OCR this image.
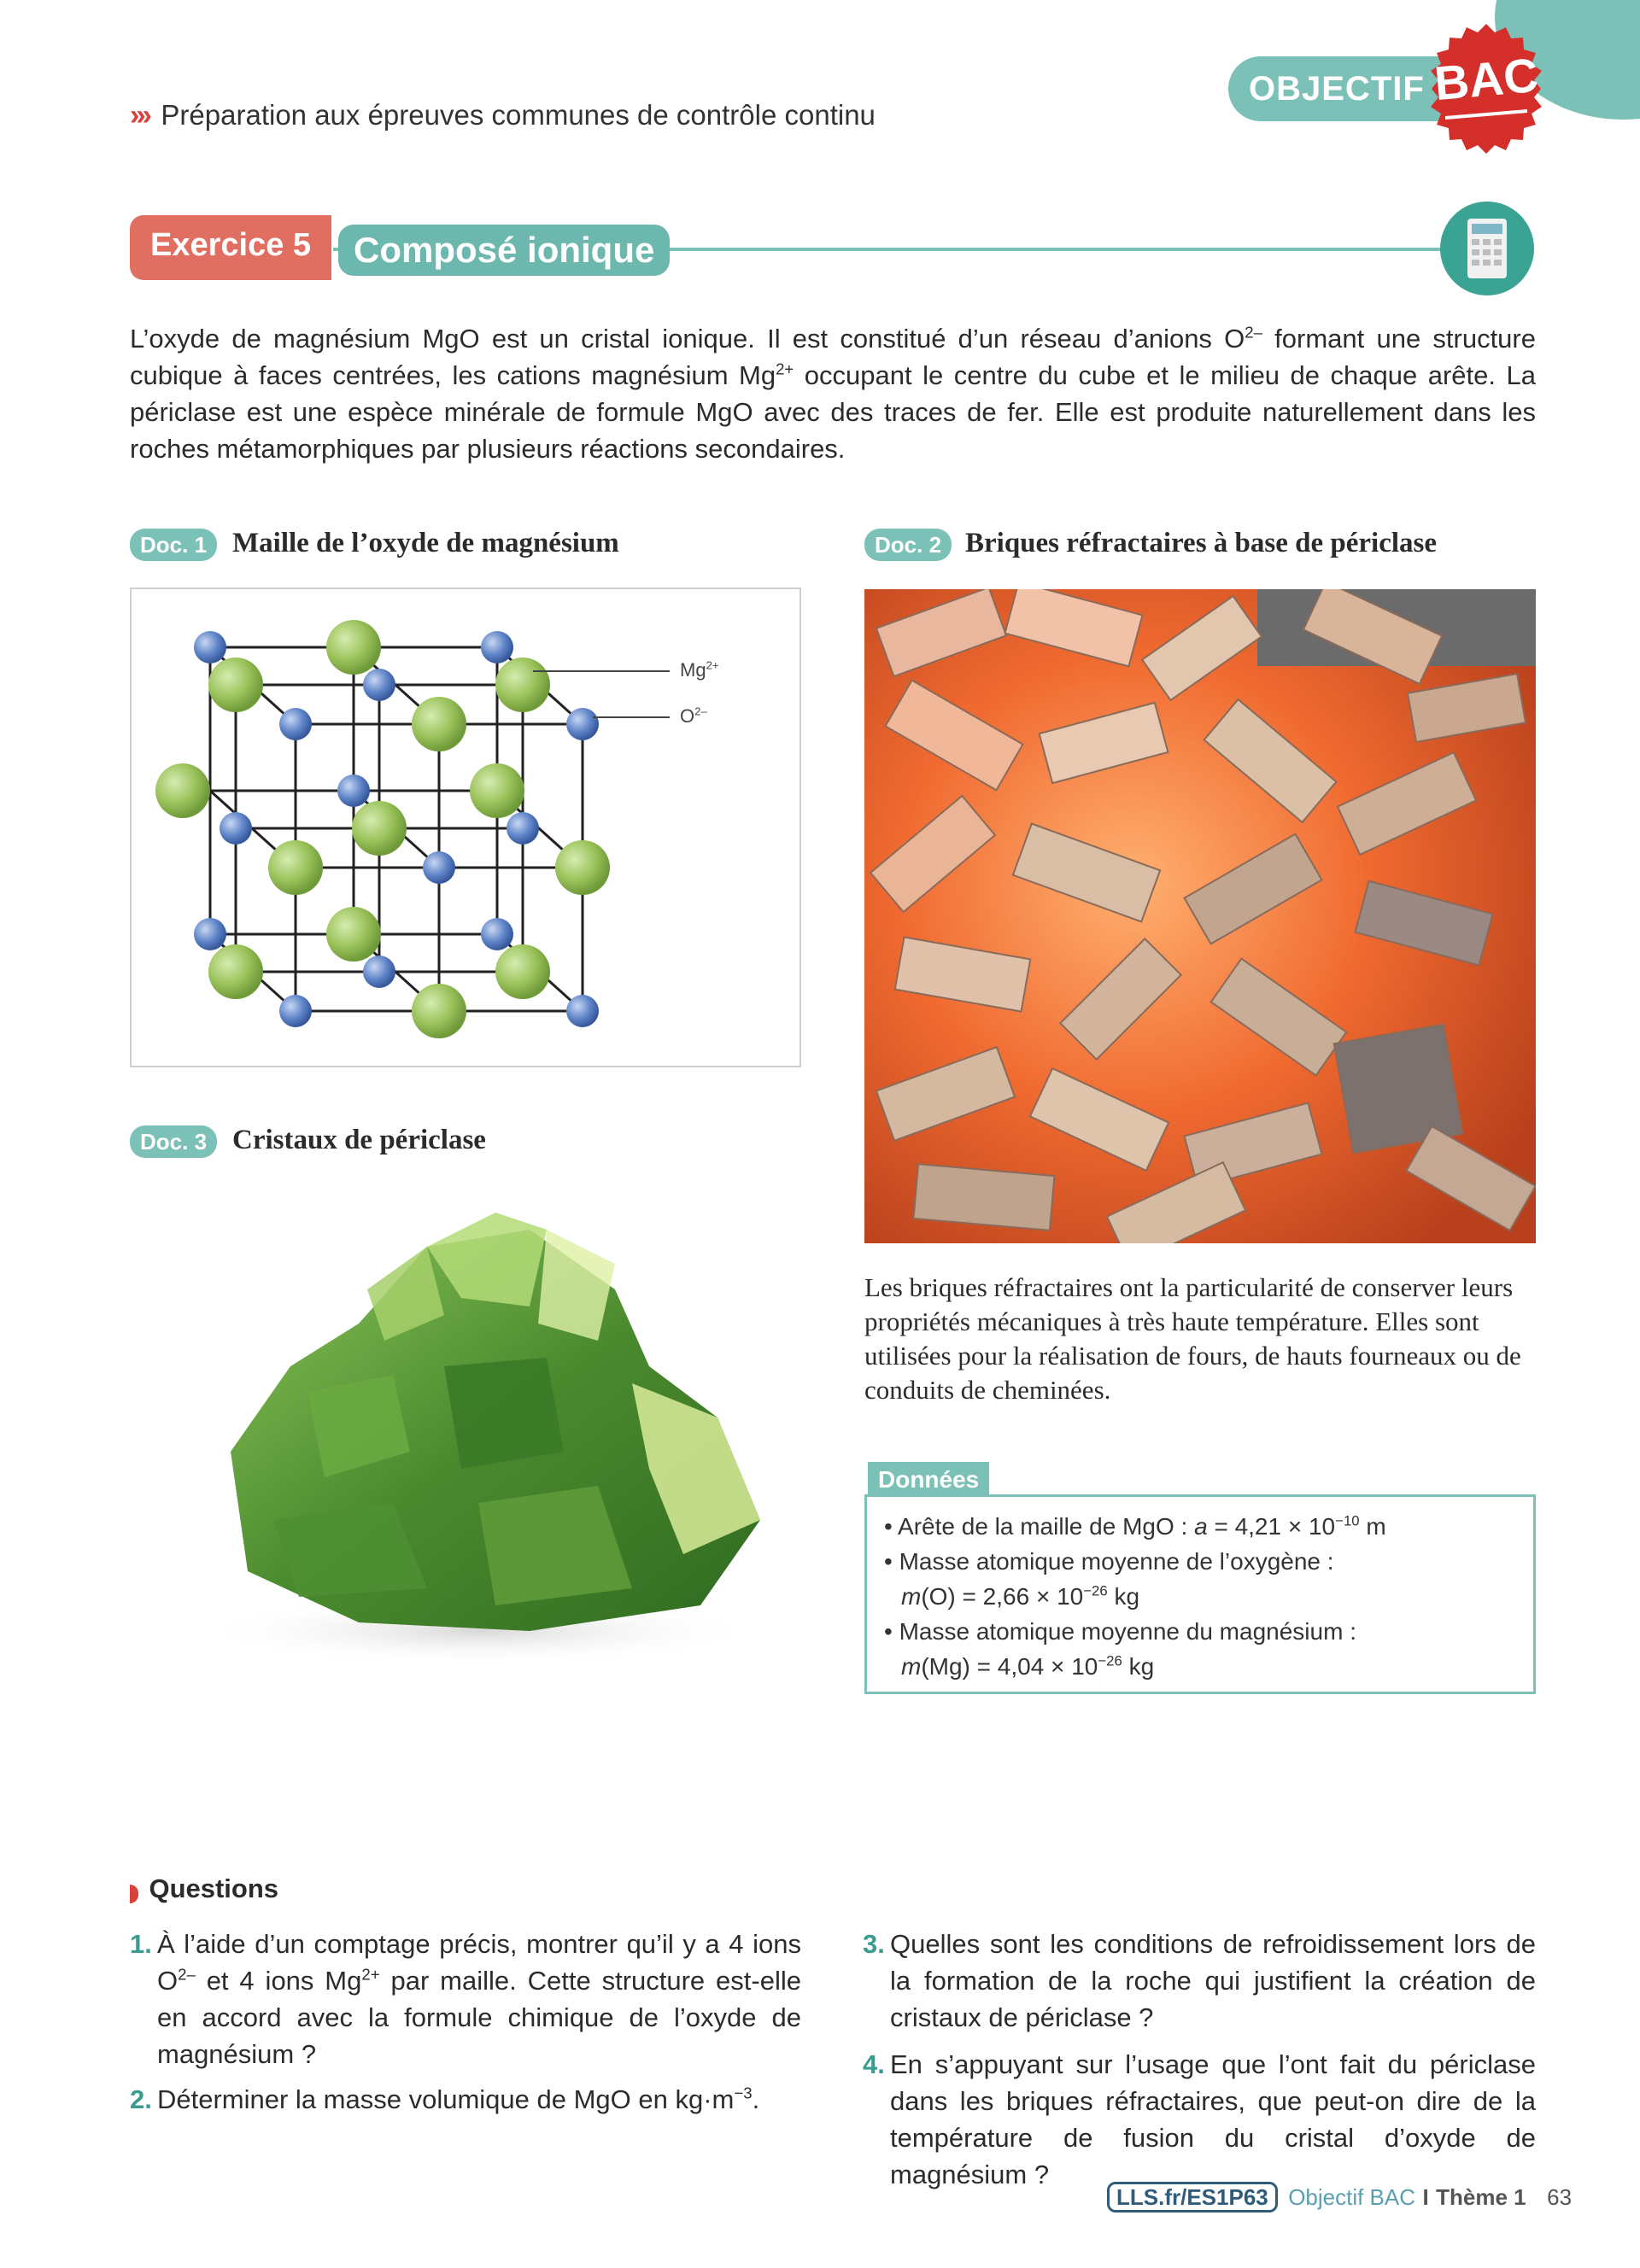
OBJECTIF BAC
››› Préparation aux épreuves communes de contrôle continu
Exercice 5	Composé ionique
L’oxyde de magnésium MgO est un cristal ionique. Il est constitué d’un réseau d’anions $O^{2-}$ formant une structure cubique à faces centrées, les cations magnésium $Mg^{2+}$ occupant le centre du cube et le milieu de chaque arête. La périclase est une espèce minérale de formule MgO avec des traces de fer. Elle est produite naturellement dans les roches métamorphiques par plusieurs réactions secondaires.
Doc. 1 Maille de l’oxyde de magnésium
$Mg^{2+}$
$O^{2-}$
Doc. 2 Briques réfractaires à base de périclase
Les briques réfractaires ont la particularité de conserver leurs propriétés mécaniques à très haute température. Elles sont utilisées pour la réalisation de fours, de hauts fourneaux ou de conduits de cheminées.
Données
• Arête de la maille de MgO : $a = 4,21 \times 10^{-10}$ m
• Masse atomique moyenne de l’oxygène :
$m(O) = 2,66 \times 10^{-26}$ kg
• Masse atomique moyenne du magnésium :
$m(Mg) = 4,04 \times 10^{-26}$ kg
Doc. 3 Cristaux de périclase
Questions
1. À l’aide d’un comptage précis, montrer qu’il y a 4 ions $O^{2-}$ et 4 ions $Mg^{2+}$ par maille. Cette structure est-elle en accord avec la formule chimique de l’oxyde de magnésium ?
2. Déterminer la masse volumique de MgO en $kg\cdot m^{-3}$.
3. Quelles sont les conditions de refroidissement lors de la formation de la roche qui justifient la création de cristaux de périclase ?
4. En s’appuyant sur l’usage que l’ont fait du périclase dans les briques réfractaires, que peut-on dire de la température de fusion du cristal d’oxyde de magnésium ?
LLS.fr/ES1P63 Objectif BAC I Thème 1 63
